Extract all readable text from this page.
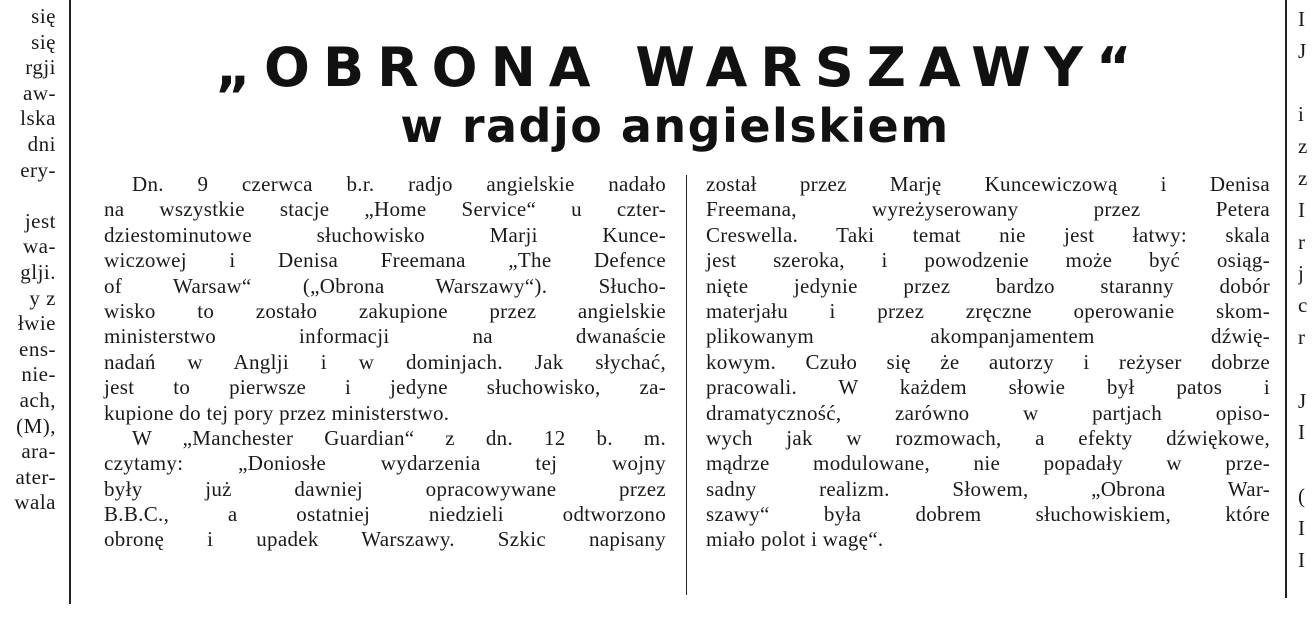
się
się
rgji
aw-
lska
dni
ery-

jest
wa-
glji.
y z
łwie
ens-
nie-
ach,
(M),
ara-
ater-
wala
I
J

i
z
z
I
r
j
c
r

J
I

(
I
I
„OBRONA WARSZAWY“
w radjo angielskiem
Dn. 9 czerwca b.r. radjo angielskie nadało
na wszystkie stacje „Home Service“ u czter-
dziestominutowe słuchowisko Marji Kunce-
wiczowej i Denisa Freemana „The Defence
of Warsaw“ („Obrona Warszawy“). Słucho-
wisko to zostało zakupione przez angielskie
ministerstwo informacji na dwanaście
nadań w Anglji i w dominjach. Jak słychać,
jest to pierwsze i jedyne słuchowisko, za-
kupione do tej pory przez ministerstwo.
W „Manchester Guardian“ z dn. 12 b. m.
czytamy: „Doniosłe wydarzenia tej wojny
były już dawniej opracowywane przez
B.B.C., a ostatniej niedzieli odtworzono
obronę i upadek Warszawy. Szkic napisany
został przez Marję Kuncewiczową i Denisa
Freemana, wyreżyserowany przez Petera
Creswella. Taki temat nie jest łatwy: skala
jest szeroka, i powodzenie może być osiąg-
nięte jedynie przez bardzo staranny dobór
materjału i przez zręczne operowanie skom-
plikowanym akompanjamentem dźwię-
kowym. Czuło się że autorzy i reżyser dobrze
pracowali. W każdem słowie był patos i
dramatyczność, zarówno w partjach opiso-
wych jak w rozmowach, a efekty dźwiękowe,
mądrze modulowane, nie popadały w prze-
sadny realizm. Słowem, „Obrona War-
szawy“ była dobrem słuchowiskiem, które
miało polot i wagę“.
